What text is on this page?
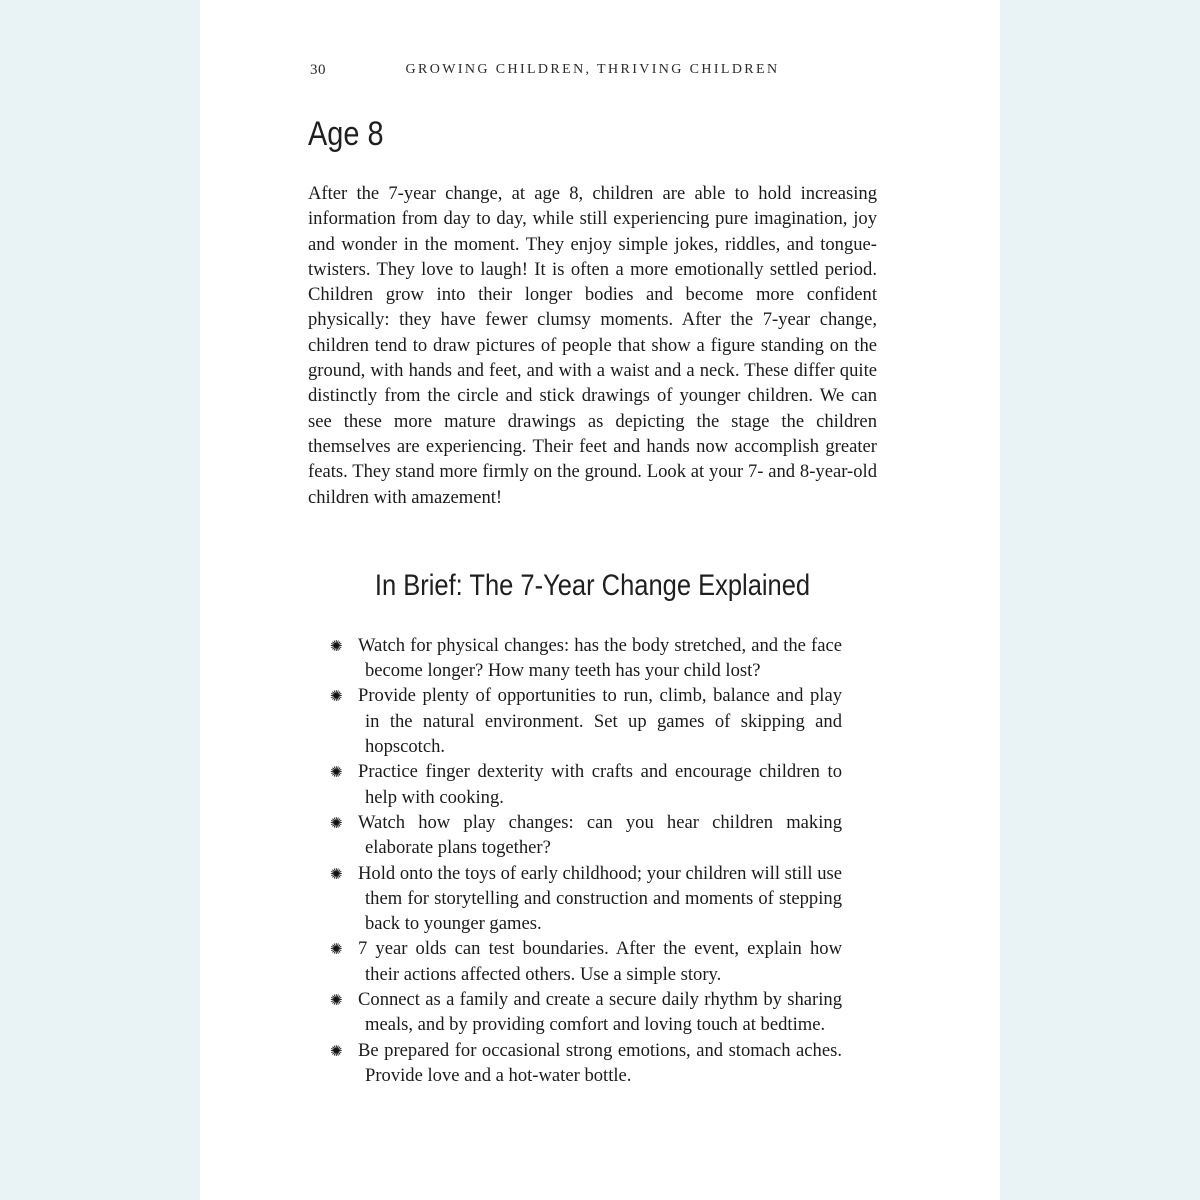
30	GROWING CHILDREN, THRIVING CHILDREN
Age 8

After the 7-year change, at age 8, children are able to hold increasing information from day to day, while still experiencing pure imagination, joy and wonder in the moment. They enjoy simple jokes, riddles, and tongue-twisters. They love to laugh! It is often a more emotionally settled period. Children grow into their longer bodies and become more confident physically: they have fewer clumsy moments. After the 7-year change, children tend to draw pictures of people that show a figure standing on the ground, with hands and feet, and with a waist and a neck. These differ quite distinctly from the circle and stick drawings of younger children. We can see these more mature drawings as depicting the stage the children themselves are experiencing. Their feet and hands now accomplish greater feats. They stand more firmly on the ground. Look at your 7- and 8-year-old children with amazement!

In Brief: The 7-Year Change Explained
✺ Watch for physical changes: has the body stretched, and the face become longer? How many teeth has your child lost?
✺ Provide plenty of opportunities to run, climb, balance and play in the natural environment. Set up games of skipping and hopscotch.
✺ Practice finger dexterity with crafts and encourage children to help with cooking.
✺ Watch how play changes: can you hear children making elaborate plans together?
✺ Hold onto the toys of early childhood; your children will still use them for storytelling and construction and moments of stepping back to younger games.
✺ 7 year olds can test boundaries. After the event, explain how their actions affected others. Use a simple story.
✺ Connect as a family and create a secure daily rhythm by sharing meals, and by providing comfort and loving touch at bedtime.
✺ Be prepared for occasional strong emotions, and stomach aches. Provide love and a hot-water bottle.
